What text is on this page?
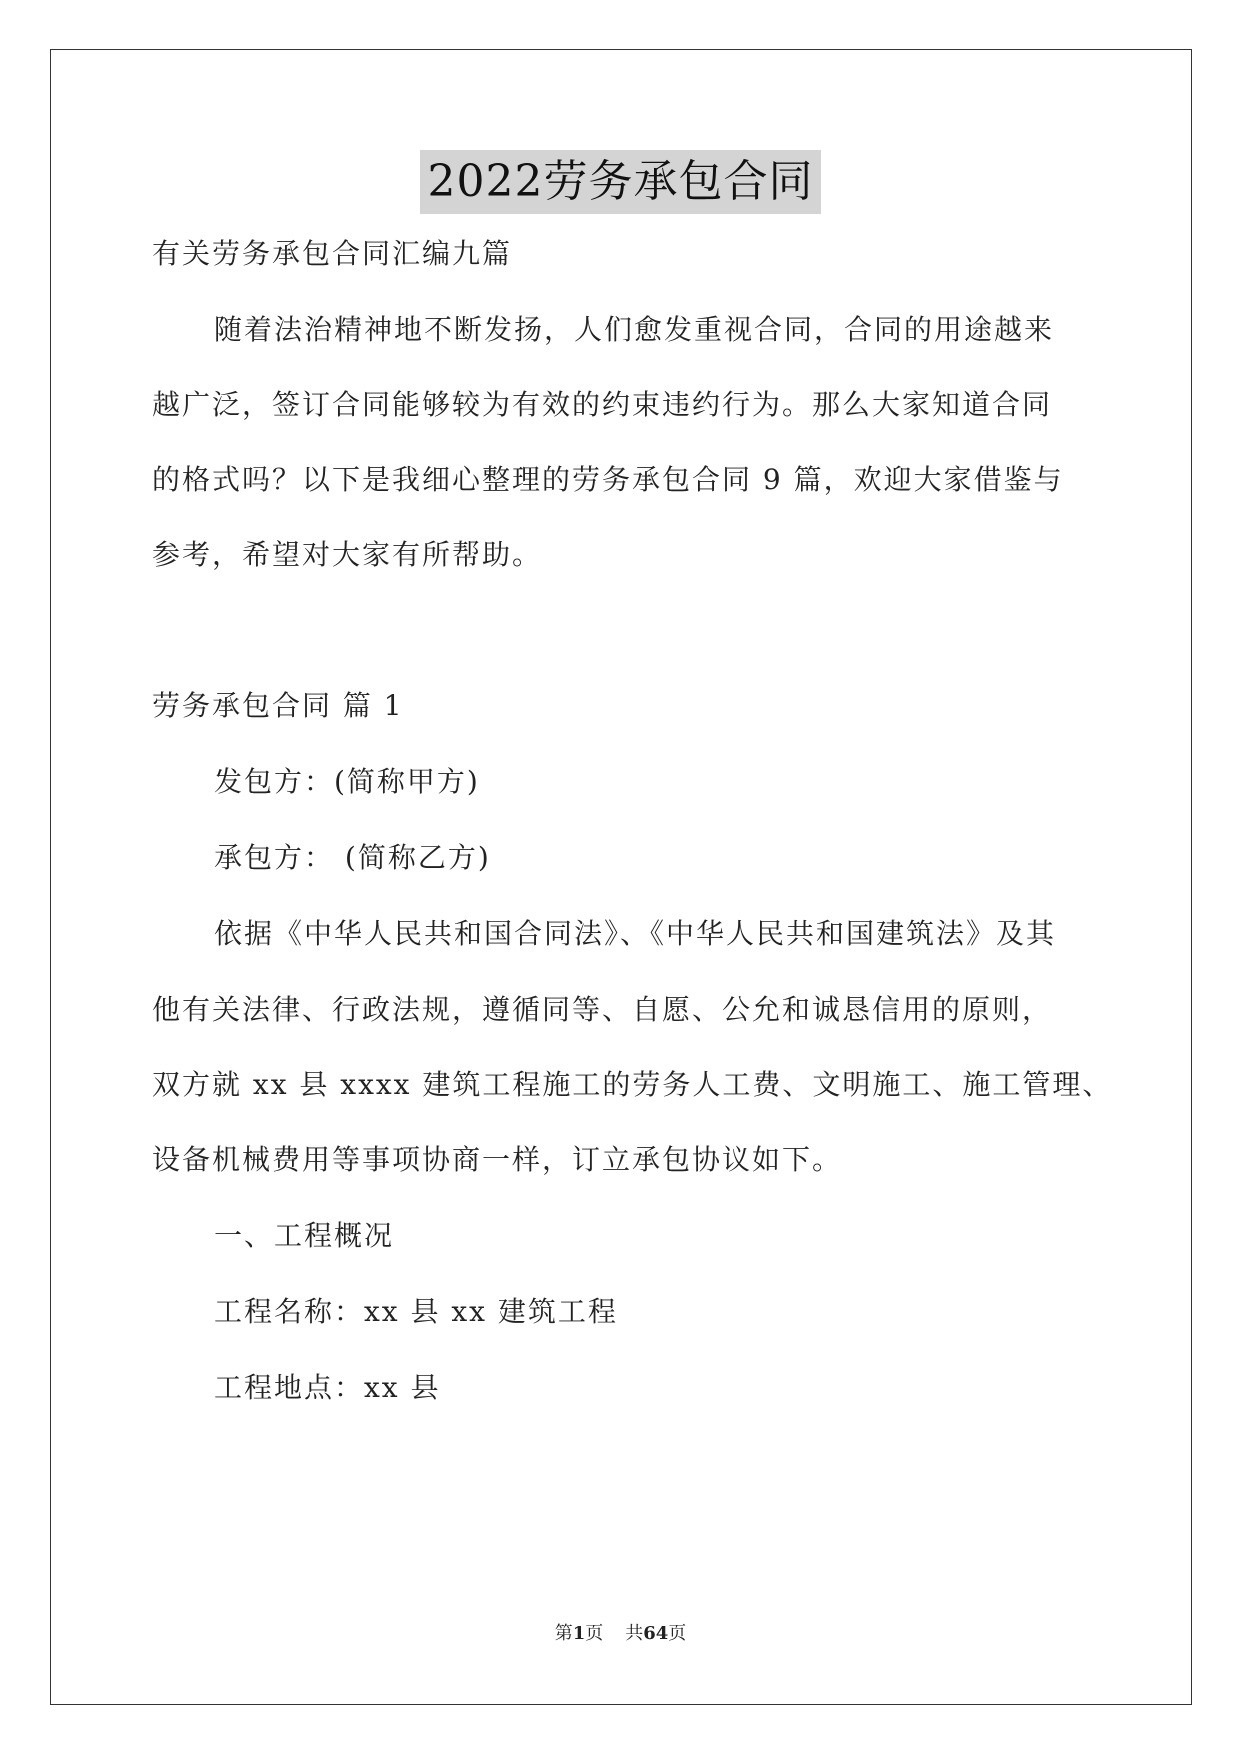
2022劳务承包合同

有关劳务承包合同汇编九篇

随着法治精神地不断发扬，人们愈发重视合同，合同的用途越来

越广泛，签订合同能够较为有效的约束违约行为。那么大家知道合同

的格式吗？以下是我细心整理的劳务承包合同 9 篇，欢迎大家借鉴与

参考，希望对大家有所帮助。

劳务承包合同 篇 1

发包方：(简称甲方)

承包方： (简称乙方)

依据《中华人民共和国合同法》、《中华人民共和国建筑法》及其

他有关法律、行政法规，遵循同等、自愿、公允和诚恳信用的原则，

双方就 xx 县 xxxx 建筑工程施工的劳务人工费、文明施工、施工管理、

设备机械费用等事项协商一样，订立承包协议如下。

一、工程概况

工程名称：xx 县 xx 建筑工程

工程地点：xx 县

第1页 共64页
